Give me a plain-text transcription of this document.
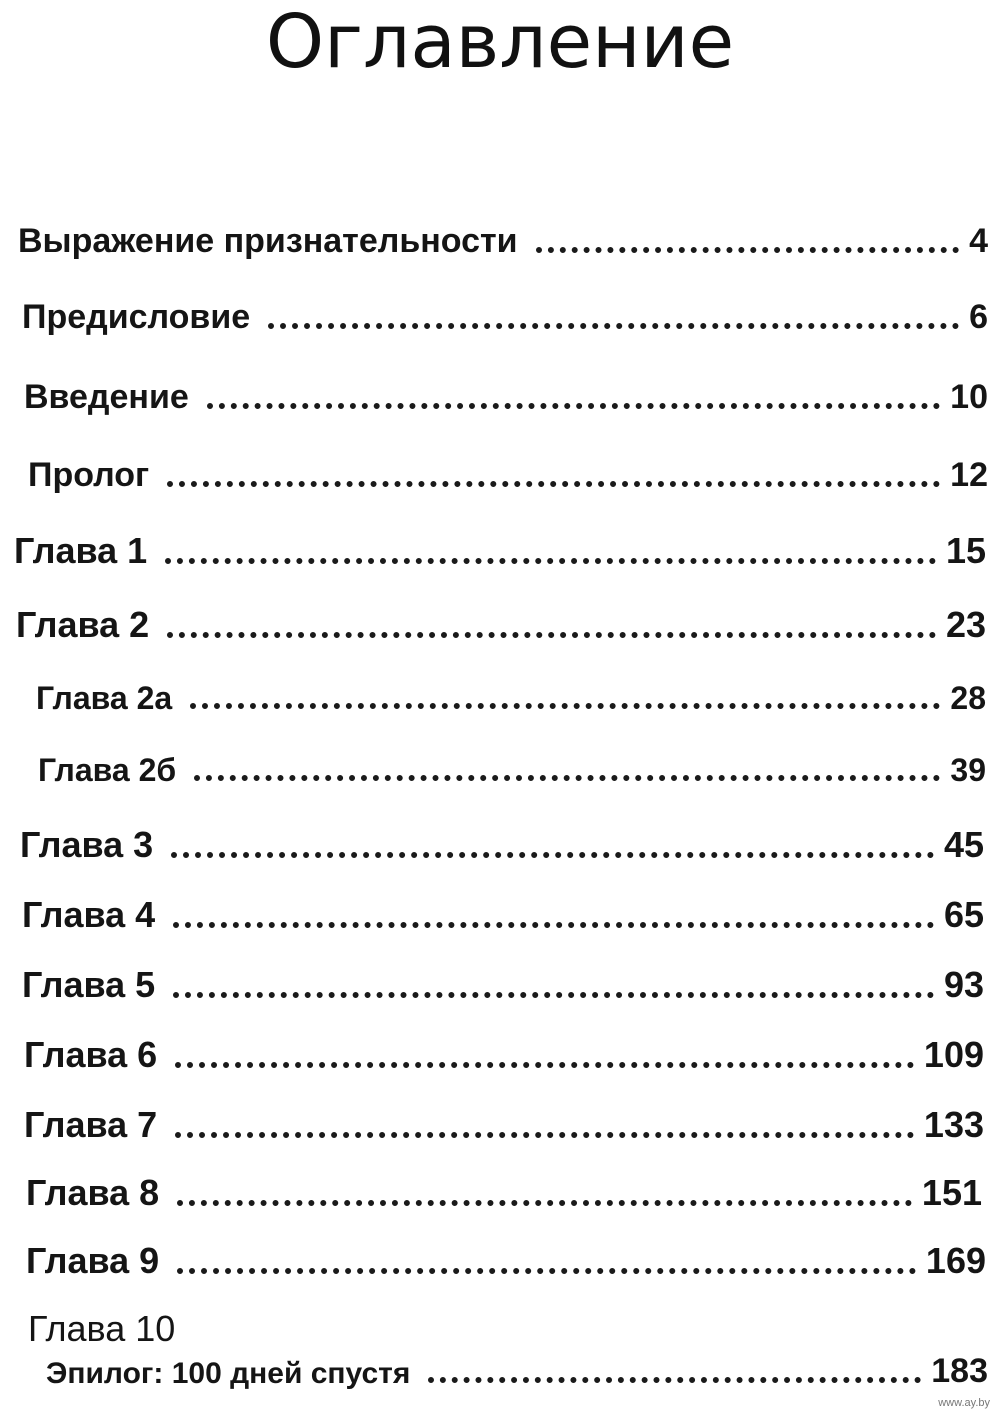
Оглавление
Выражение признательности	4
Предисловие	6
Введение	10
Пролог	12
Глава 1	15
Глава 2	23
Глава 2а	28
Глава 2б	39
Глава 3	45
Глава 4	65
Глава 5	93
Глава 6	109
Глава 7	133
Глава 8	151
Глава 9	169
Глава 10
Эпилог: 100 дней спустя	183
www.ay.by
